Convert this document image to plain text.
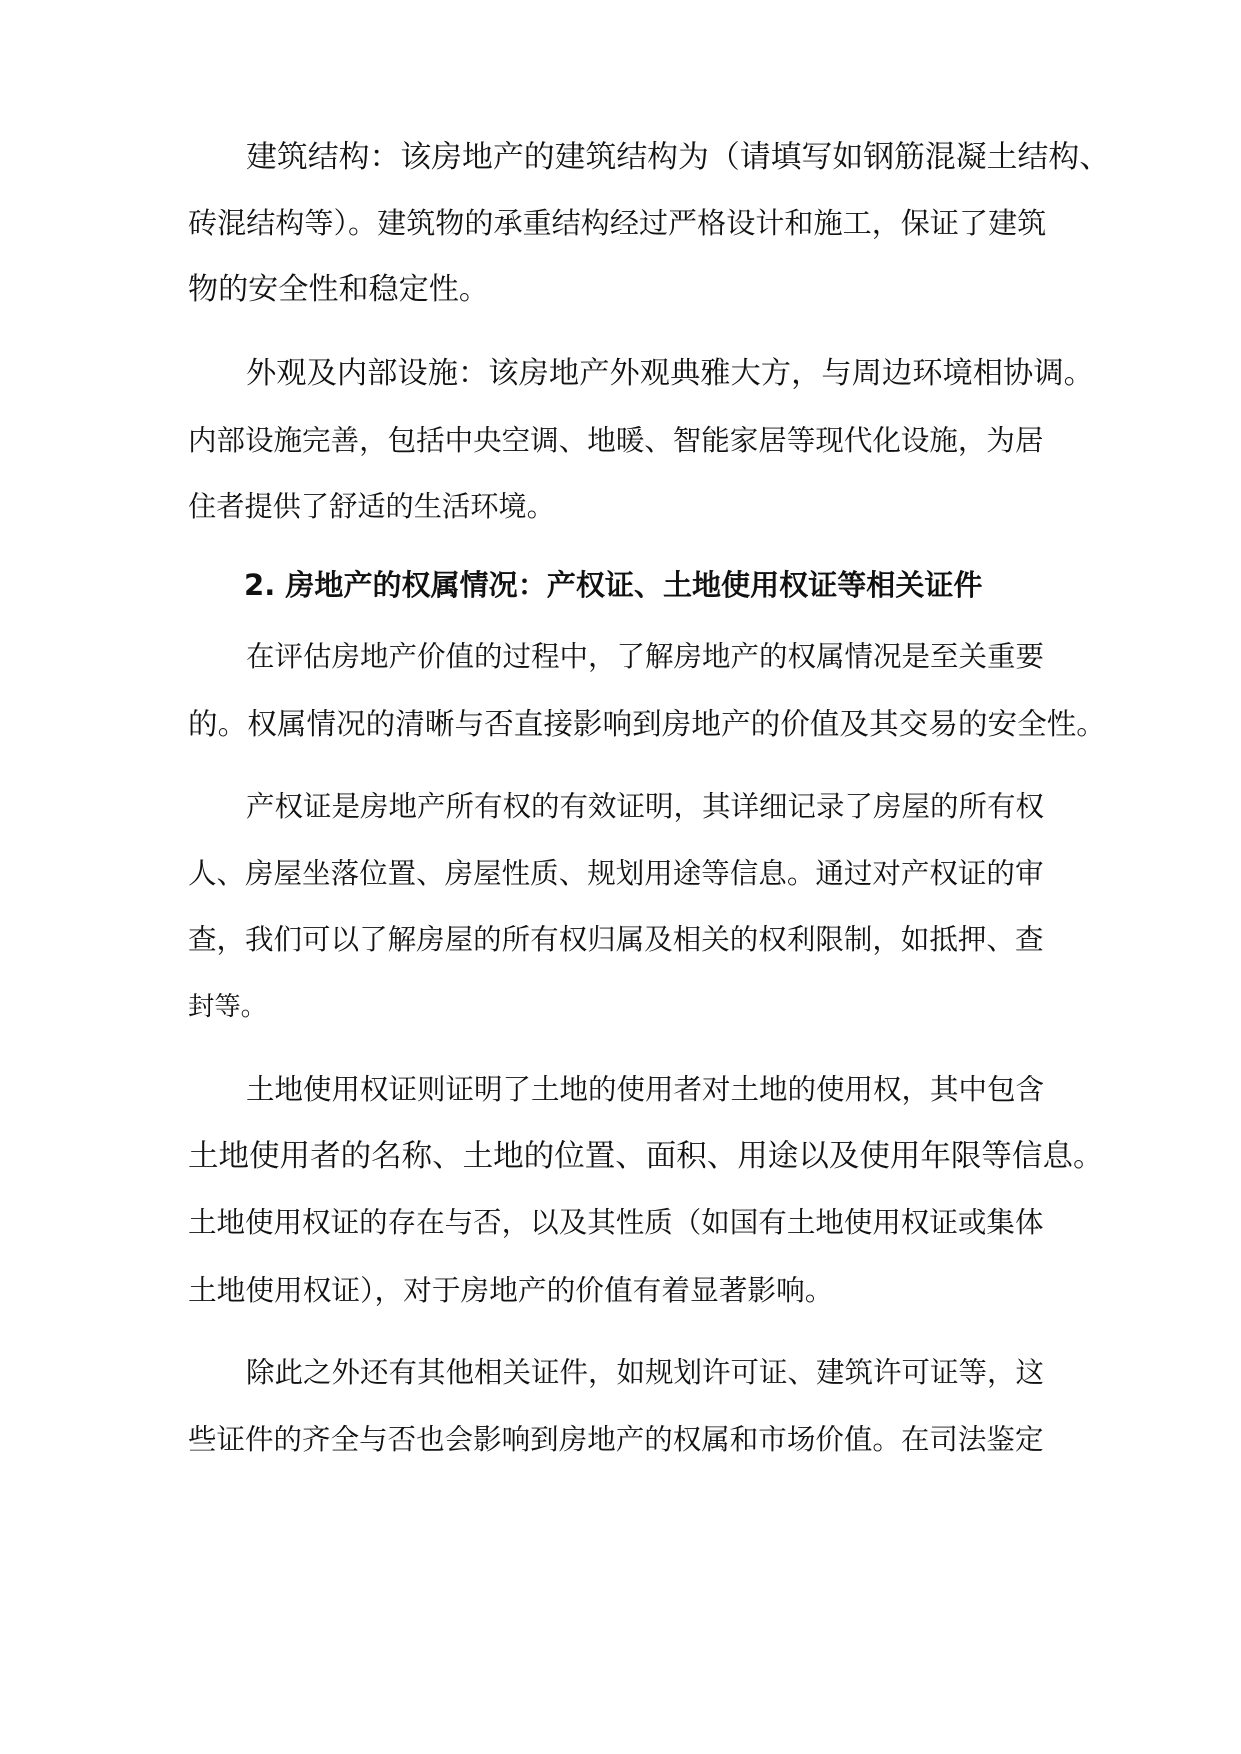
建筑结构：该房地产的建筑结构为（请填写如钢筋混凝土结构、
砖混结构等）。建筑物的承重结构经过严格设计和施工，保证了建筑
物的安全性和稳定性。
外观及内部设施：该房地产外观典雅大方，与周边环境相协调。
内部设施完善，包括中央空调、地暖、智能家居等现代化设施，为居
住者提供了舒适的生活环境。
2. 房地产的权属情况：产权证、土地使用权证等相关证件
在评估房地产价值的过程中，了解房地产的权属情况是至关重要
的。权属情况的清晰与否直接影响到房地产的价值及其交易的安全性。
产权证是房地产所有权的有效证明，其详细记录了房屋的所有权
人、房屋坐落位置、房屋性质、规划用途等信息。通过对产权证的审
查，我们可以了解房屋的所有权归属及相关的权利限制，如抵押、查
封等。
土地使用权证则证明了土地的使用者对土地的使用权，其中包含
土地使用者的名称、土地的位置、面积、用途以及使用年限等信息。
土地使用权证的存在与否，以及其性质（如国有土地使用权证或集体
土地使用权证），对于房地产的价值有着显著影响。
除此之外还有其他相关证件，如规划许可证、建筑许可证等，这
些证件的齐全与否也会影响到房地产的权属和市场价值。在司法鉴定
